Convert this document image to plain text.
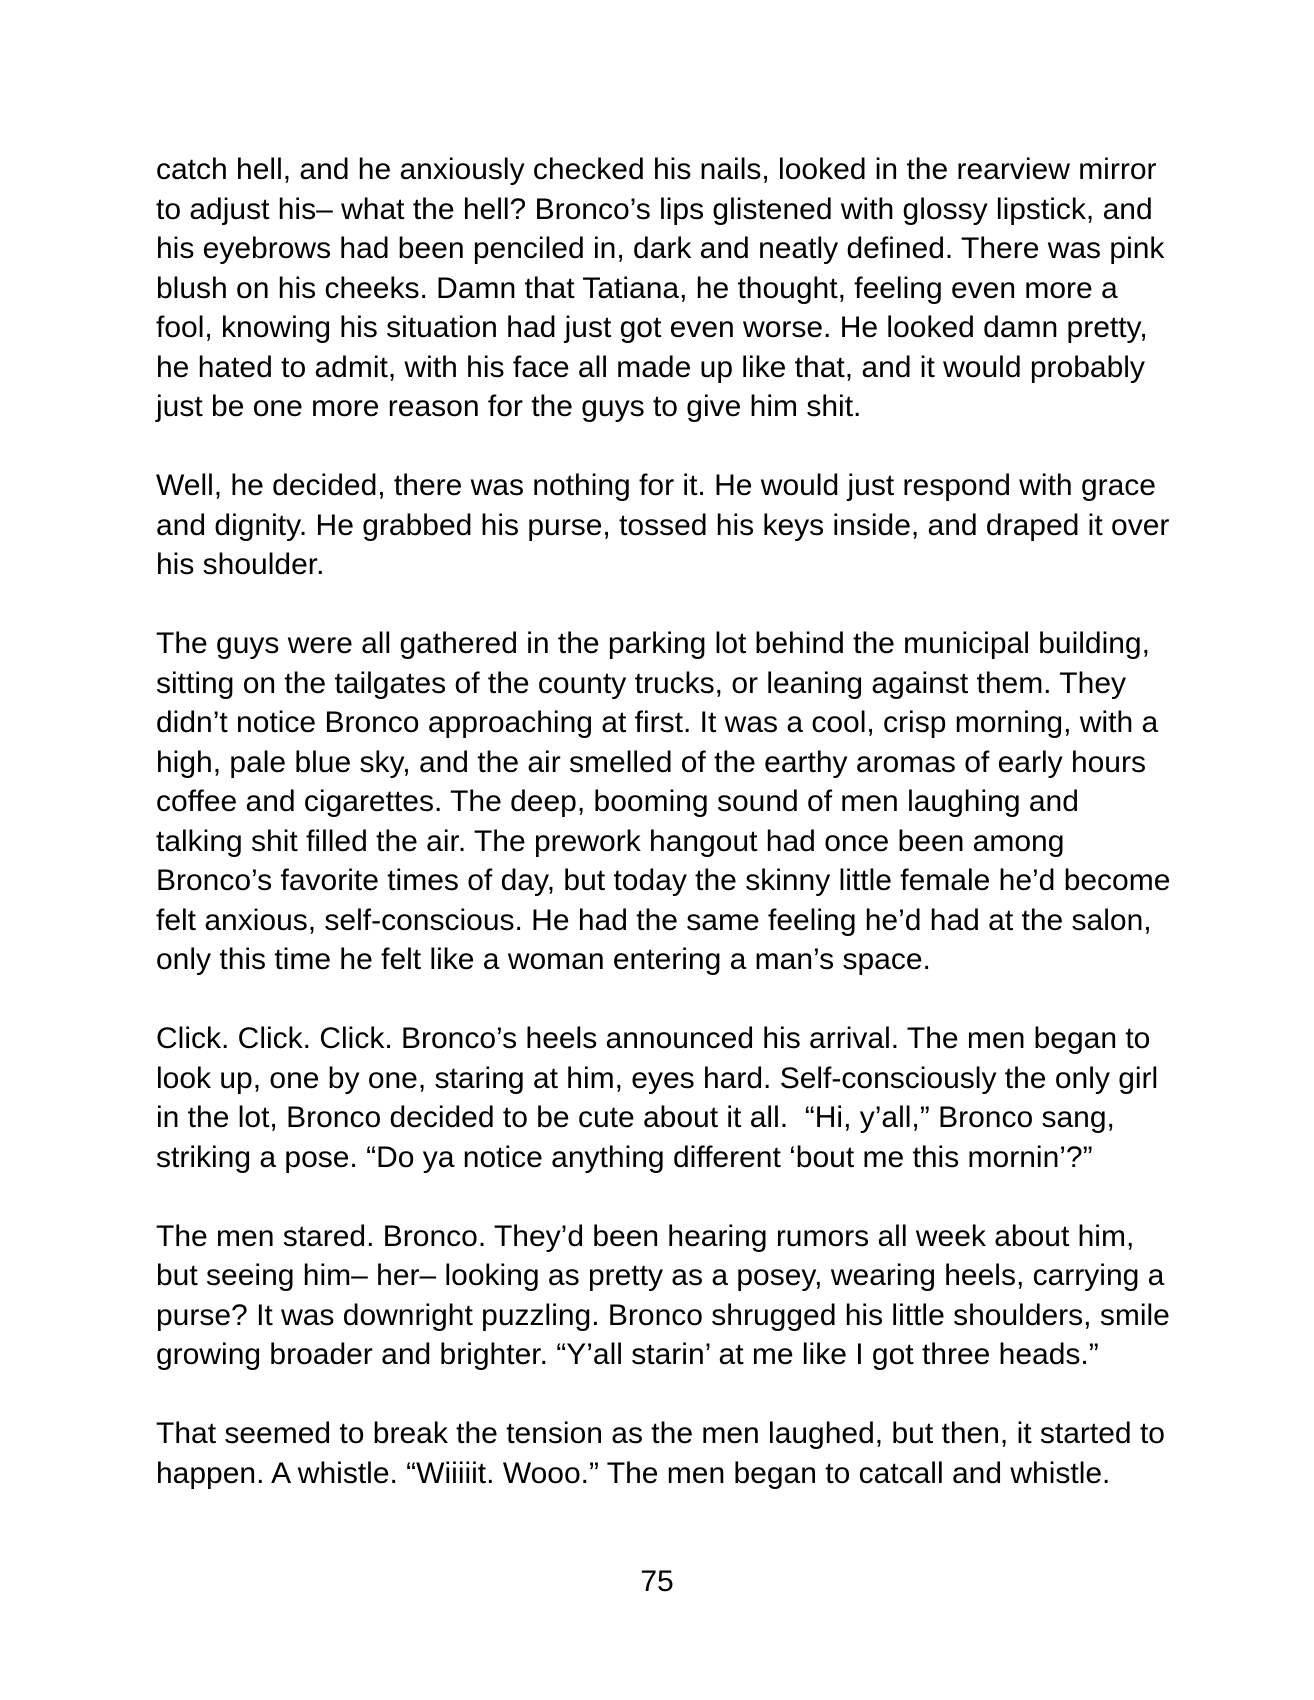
catch hell, and he anxiously checked his nails, looked in the rearview mirror to adjust his– what the hell? Bronco’s lips glistened with glossy lipstick, and his eyebrows had been penciled in, dark and neatly defined. There was pink blush on his cheeks. Damn that Tatiana, he thought, feeling even more a fool, knowing his situation had just got even worse. He looked damn pretty, he hated to admit, with his face all made up like that, and it would probably just be one more reason for the guys to give him shit.

Well, he decided, there was nothing for it. He would just respond with grace and dignity. He grabbed his purse, tossed his keys inside, and draped it over his shoulder.

The guys were all gathered in the parking lot behind the municipal building, sitting on the tailgates of the county trucks, or leaning against them. They didn’t notice Bronco approaching at first. It was a cool, crisp morning, with a high, pale blue sky, and the air smelled of the earthy aromas of early hours coffee and cigarettes. The deep, booming sound of men laughing and talking shit filled the air. The prework hangout had once been among Bronco’s favorite times of day, but today the skinny little female he’d become felt anxious, self-conscious. He had the same feeling he’d had at the salon, only this time he felt like a woman entering a man’s space.

Click. Click. Click. Bronco’s heels announced his arrival. The men began to look up, one by one, staring at him, eyes hard. Self-consciously the only girl in the lot, Bronco decided to be cute about it all.  “Hi, y’all,” Bronco sang, striking a pose. “Do ya notice anything different ‘bout me this mornin’?”

The men stared. Bronco. They’d been hearing rumors all week about him, but seeing him– her– looking as pretty as a posey, wearing heels, carrying a purse? It was downright puzzling. Bronco shrugged his little shoulders, smile growing broader and brighter. “Y’all starin’ at me like I got three heads.”

That seemed to break the tension as the men laughed, but then, it started to happen. A whistle. “Wiiiiit. Wooo.” The men began to catcall and whistle.

75
